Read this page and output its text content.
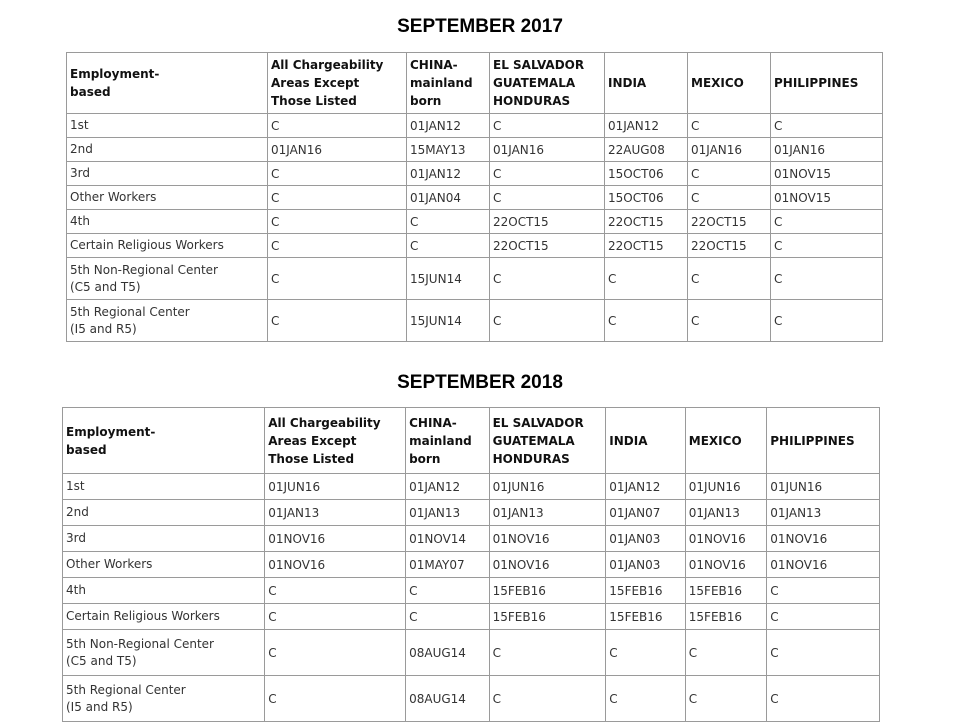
SEPTEMBER 2017
Employment-
based	All Chargeability
Areas Except
Those Listed	CHINA-
mainland
born	EL SALVADOR
GUATEMALA
HONDURAS	INDIA	MEXICO	PHILIPPINES
1st	C	01JAN12	C	01JAN12	C	C
2nd	01JAN16	15MAY13	01JAN16	22AUG08	01JAN16	01JAN16
3rd	C	01JAN12	C	15OCT06	C	01NOV15
Other Workers	C	01JAN04	C	15OCT06	C	01NOV15
4th	C	C	22OCT15	22OCT15	22OCT15	C
Certain Religious Workers	C	C	22OCT15	22OCT15	22OCT15	C
5th Non-Regional Center
(C5 and T5)	C	15JUN14	C	C	C	C
5th Regional Center
(I5 and R5)	C	15JUN14	C	C	C	C
SEPTEMBER 2018
Employment-
based	All Chargeability
Areas Except
Those Listed	CHINA-
mainland
born	EL SALVADOR
GUATEMALA
HONDURAS	INDIA	MEXICO	PHILIPPINES
1st	01JUN16	01JAN12	01JUN16	01JAN12	01JUN16	01JUN16
2nd	01JAN13	01JAN13	01JAN13	01JAN07	01JAN13	01JAN13
3rd	01NOV16	01NOV14	01NOV16	01JAN03	01NOV16	01NOV16
Other Workers	01NOV16	01MAY07	01NOV16	01JAN03	01NOV16	01NOV16
4th	C	C	15FEB16	15FEB16	15FEB16	C
Certain Religious Workers	C	C	15FEB16	15FEB16	15FEB16	C
5th Non-Regional Center
(C5 and T5)	C	08AUG14	C	C	C	C
5th Regional Center
(I5 and R5)	C	08AUG14	C	C	C	C
